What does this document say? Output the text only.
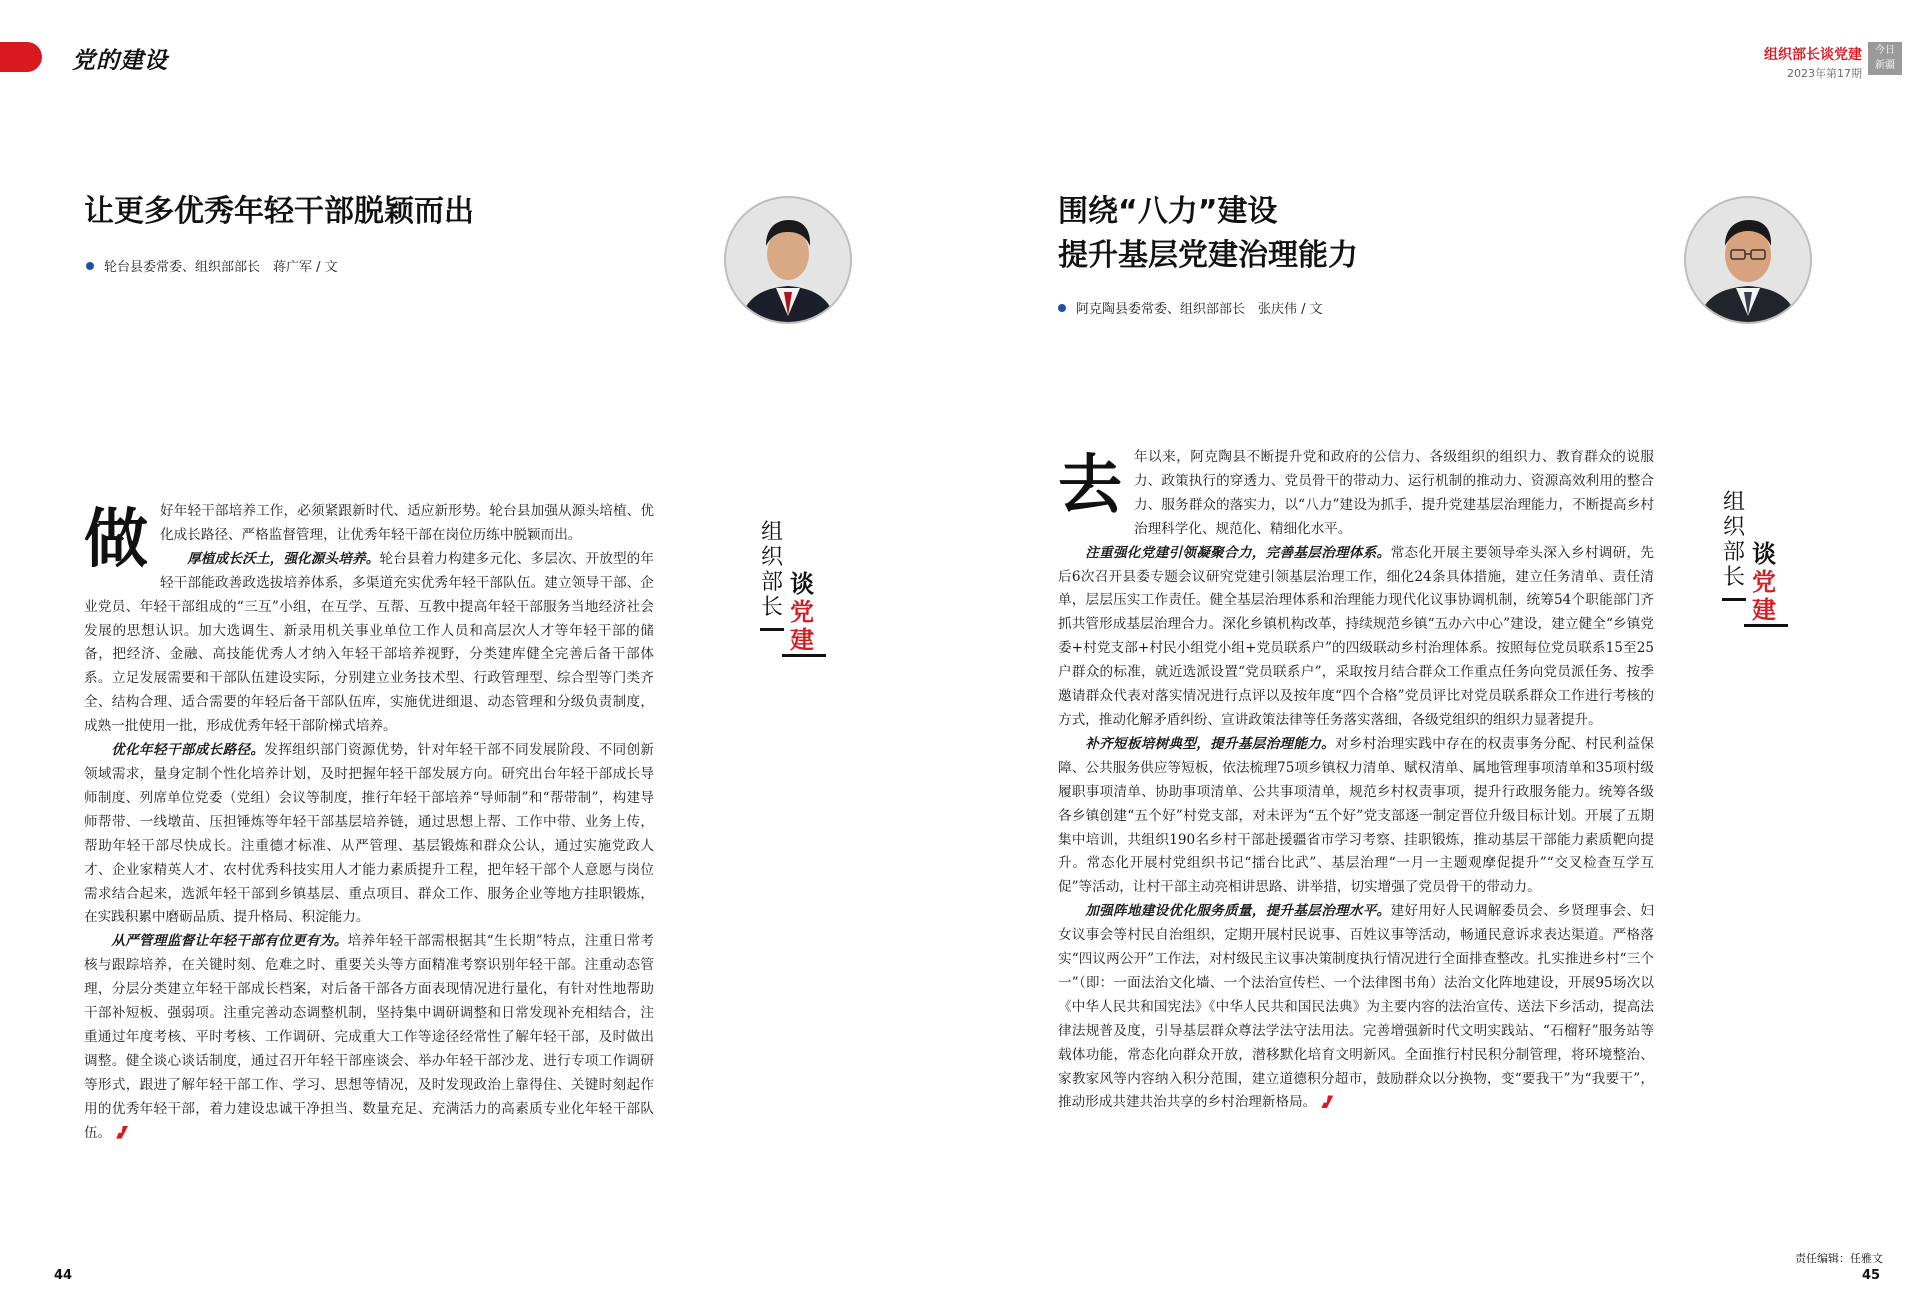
党的建设	组织部长谈党建
2023年第17期
今日
新疆
让更多优秀年轻干部脱颖而出
轮台县委常委、组织部部长　蒋广军 / 文
组织部长
谈党建

做好年轻干部培养工作，必须紧跟新时代、适应新形势。轮台县加强从源头培植、优化成长路径、严格监督管理，让优秀年轻干部在岗位历练中脱颖而出。

厚植成长沃土，强化源头培养。轮台县着力构建多元化、多层次、开放型的年轻干部能政善政选拔培养体系，多渠道充实优秀年轻干部队伍。建立领导干部、企业党员、年轻干部组成的“三互”小组，在互学、互帮、互教中提高年轻干部服务当地经济社会发展的思想认识。加大选调生、新录用机关事业单位工作人员和高层次人才等年轻干部的储备，把经济、金融、高技能优秀人才纳入年轻干部培养视野，分类建库健全完善后备干部体系。立足发展需要和干部队伍建设实际，分别建立业务技术型、行政管理型、综合型等门类齐全、结构合理、适合需要的年轻后备干部队伍库，实施优进细退、动态管理和分级负责制度，成熟一批使用一批，形成优秀年轻干部阶梯式培养。

优化年轻干部成长路径。发挥组织部门资源优势，针对年轻干部不同发展阶段、不同创新领域需求，量身定制个性化培养计划，及时把握年轻干部发展方向。研究出台年轻干部成长导师制度、列席单位党委（党组）会议等制度，推行年轻干部培养“导师制”和“帮带制”，构建导师帮带、一线墩苗、压担锤炼等年轻干部基层培养链，通过思想上帮、工作中带、业务上传，帮助年轻干部尽快成长。注重德才标准、从严管理、基层锻炼和群众公认，通过实施党政人才、企业家精英人才、农村优秀科技实用人才能力素质提升工程，把年轻干部个人意愿与岗位需求结合起来，选派年轻干部到乡镇基层、重点项目、群众工作、服务企业等地方挂职锻炼，在实践积累中磨砺品质、提升格局、积淀能力。

从严管理监督让年轻干部有位更有为。培养年轻干部需根据其“生长期”特点，注重日常考核与跟踪培养，在关键时刻、危难之时、重要关头等方面精准考察识别年轻干部。注重动态管理，分层分类建立年轻干部成长档案，对后备干部各方面表现情况进行量化，有针对性地帮助干部补短板、强弱项。注重完善动态调整机制，坚持集中调研调整和日常发现补充相结合，注重通过年度考核、平时考核、工作调研、完成重大工作等途径经常性了解年轻干部，及时做出调整。健全谈心谈话制度，通过召开年轻干部座谈会、举办年轻干部沙龙、进行专项工作调研等形式，跟进了解年轻干部工作、学习、思想等情况，及时发现政治上靠得住、关键时刻起作用的优秀年轻干部，着力建设忠诚干净担当、数量充足、充满活力的高素质专业化年轻干部队伍。

44
围绕“八力”建设
提升基层党建治理能力
阿克陶县委常委、组织部部长　张庆伟 / 文
组织部长
谈党建

去年以来，阿克陶县不断提升党和政府的公信力、各级组织的组织力、教育群众的说服力、政策执行的穿透力、党员骨干的带动力、运行机制的推动力、资源高效利用的整合力、服务群众的落实力，以“八力”建设为抓手，提升党建基层治理能力，不断提高乡村治理科学化、规范化、精细化水平。

注重强化党建引领凝聚合力，完善基层治理体系。常态化开展主要领导牵头深入乡村调研，先后6次召开县委专题会议研究党建引领基层治理工作，细化24条具体措施，建立任务清单、责任清单，层层压实工作责任。健全基层治理体系和治理能力现代化议事协调机制，统筹54个职能部门齐抓共管形成基层治理合力。深化乡镇机构改革，持续规范乡镇“五办六中心”建设，建立健全“乡镇党委+村党支部+村民小组党小组+党员联系户”的四级联动乡村治理体系。按照每位党员联系15至25户群众的标准，就近选派设置“党员联系户”，采取按月结合群众工作重点任务向党员派任务、按季邀请群众代表对落实情况进行点评以及按年度“四个合格”党员评比对党员联系群众工作进行考核的方式，推动化解矛盾纠纷、宣讲政策法律等任务落实落细，各级党组织的组织力显著提升。

补齐短板培树典型，提升基层治理能力。对乡村治理实践中存在的权责事务分配、村民利益保障、公共服务供应等短板，依法梳理75项乡镇权力清单、赋权清单、属地管理事项清单和35项村级履职事项清单、协助事项清单、公共事项清单，规范乡村权责事项，提升行政服务能力。统筹各级各乡镇创建“五个好”村党支部，对未评为“五个好”党支部逐一制定晋位升级目标计划。开展了五期集中培训，共组织190名乡村干部赴援疆省市学习考察、挂职锻炼，推动基层干部能力素质靶向提升。常态化开展村党组织书记“擂台比武”、基层治理“一月一主题观摩促提升”“交叉检查互学互促”等活动，让村干部主动亮相讲思路、讲举措，切实增强了党员骨干的带动力。

加强阵地建设优化服务质量，提升基层治理水平。建好用好人民调解委员会、乡贤理事会、妇女议事会等村民自治组织，定期开展村民说事、百姓议事等活动，畅通民意诉求表达渠道。严格落实“四议两公开”工作法，对村级民主议事决策制度执行情况进行全面排查整改。扎实推进乡村“三个一”（即：一面法治文化墙、一个法治宣传栏、一个法律图书角）法治文化阵地建设，开展95场次以《中华人民共和国宪法》《中华人民共和国民法典》为主要内容的法治宣传、送法下乡活动，提高法律法规普及度，引导基层群众尊法学法守法用法。完善增强新时代文明实践站、“石榴籽”服务站等载体功能，常态化向群众开放，潜移默化培育文明新风。全面推行村民积分制管理，将环境整治、家教家风等内容纳入积分范围，建立道德积分超市，鼓励群众以分换物，变“要我干”为“我要干”，推动形成共建共治共享的乡村治理新格局。

责任编辑：任雅文
45
